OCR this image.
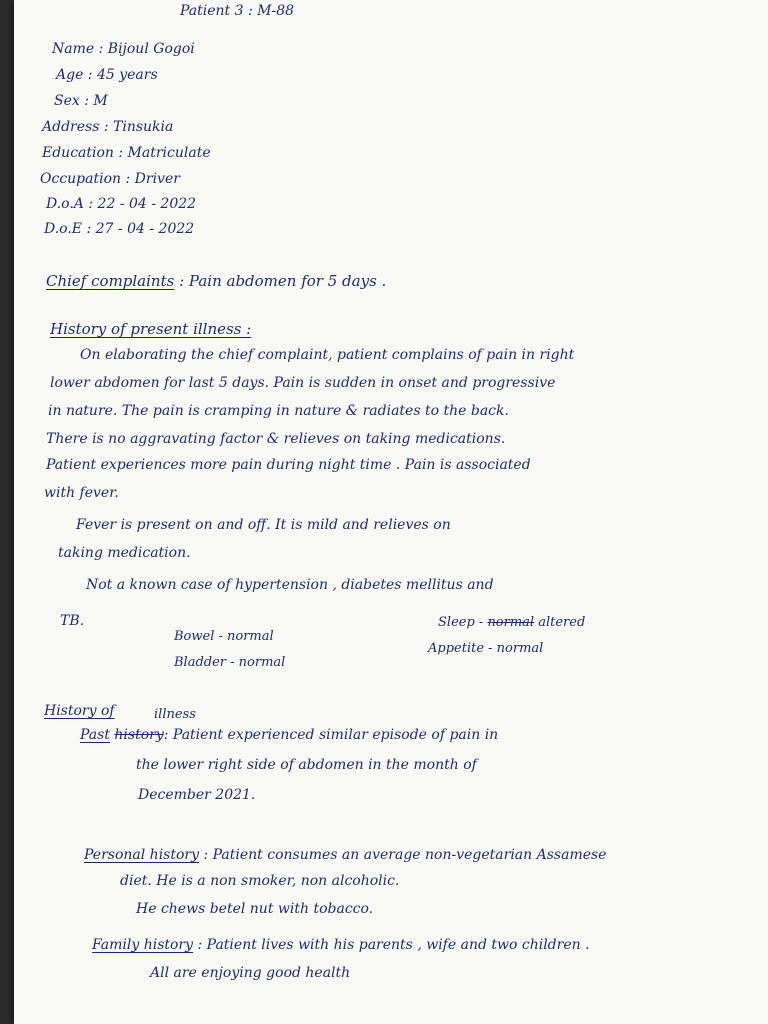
Patient 3 : M-88
Name : Bijoul Gogoi
Age : 45 years
Sex : M
Address : Tinsukia
Education : Matriculate
Occupation : Driver
D.o.A : 22 - 04 - 2022
D.o.E : 27 - 04 - 2022
Chief complaints : Pain abdomen for 5 days .
History of present illness :
On elaborating the chief complaint, patient complains of pain in right
lower abdomen for last 5 days. Pain is sudden in onset and progressive
in nature. The pain is cramping in nature & radiates to the back.
There is no aggravating factor & relieves on taking medications.
Patient experiences more pain during night time . Pain is associated
with fever.
Fever is present on and off. It is mild and relieves on
taking medication.
Not a known case of hypertension , diabetes mellitus and
TB.
Bowel - normal
Bladder - normal
Sleep - normal altered
Appetite - normal
History of	illness
Past history: Patient experienced similar episode of pain in
the lower right side of abdomen in the month of
December 2021.
Personal history : Patient consumes an average non-vegetarian Assamese
diet. He is a non smoker, non alcoholic.
He chews betel nut with tobacco.
Family history : Patient lives with his parents , wife and two children .
All are enjoying good health
